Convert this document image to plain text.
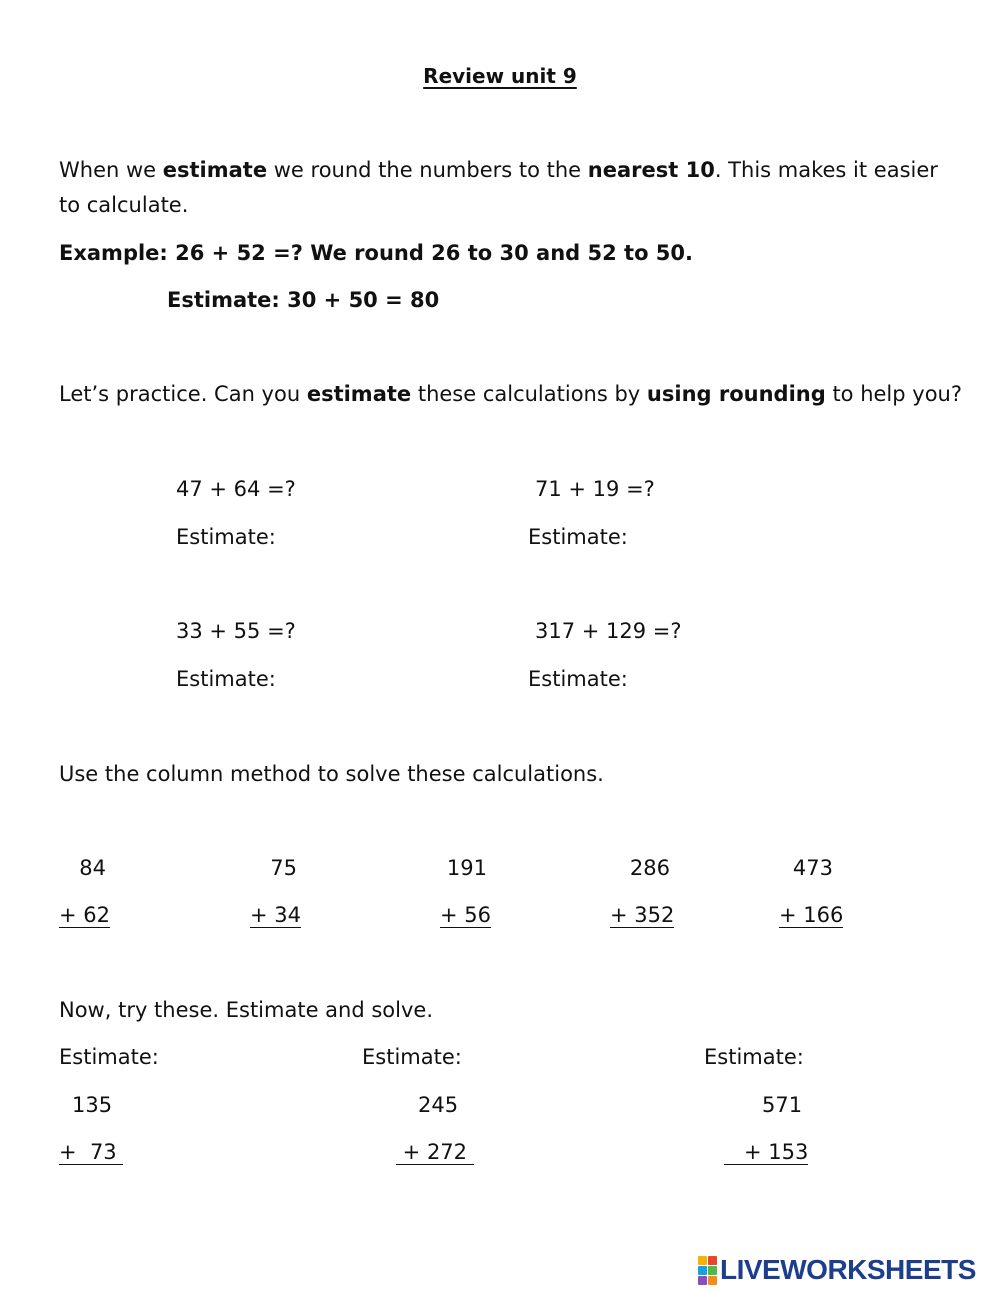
Review unit 9
When we estimate we round the numbers to the nearest 10. This makes it easier to calculate.
Example: 26 + 52 =? We round 26 to 30 and 52 to 50.
Estimate: 30 + 50 = 80
Let’s practice. Can you estimate these calculations by using rounding to help you?
47 + 64 =?
Estimate:
71 + 19 =?
Estimate:
33 + 55 =?
Estimate:
317 + 129 =?
Estimate:
Use the column method to solve these calculations.
84
+ 62
75
+ 34
191
+ 56
286
+ 352
473
+ 166
Now, try these. Estimate and solve.
Estimate:
135
+  73
Estimate:
245
+ 272
Estimate:
571
+ 153
LIVEWORKSHEETS
